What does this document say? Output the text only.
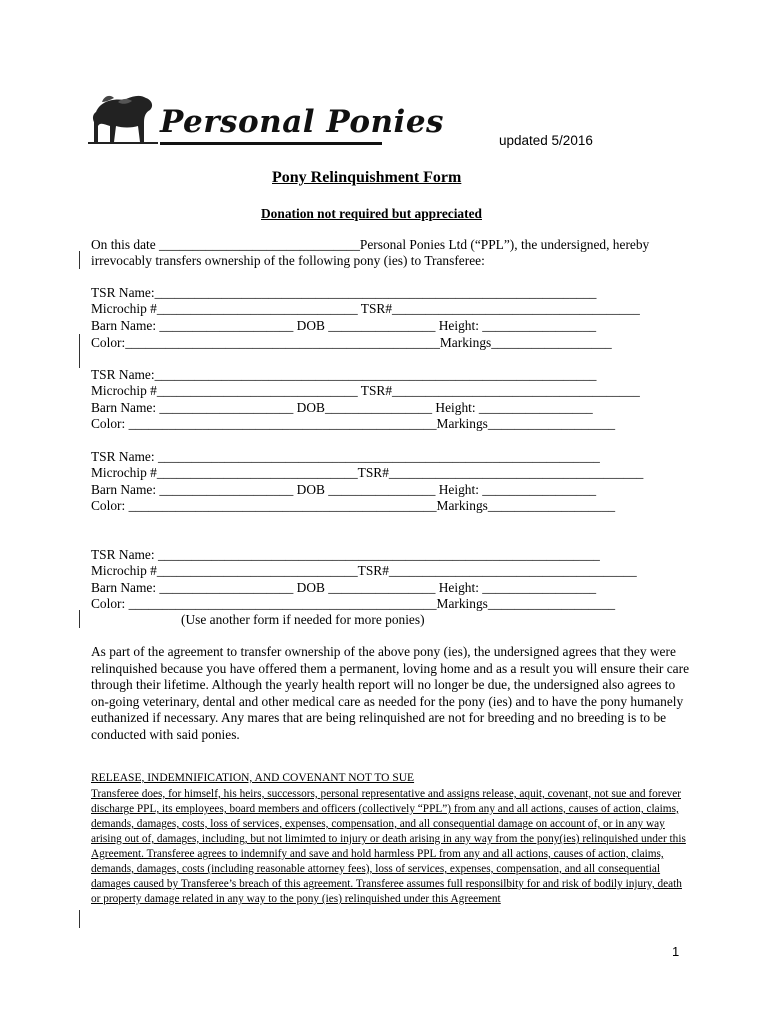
Personal Ponies
updated 5/2016
Pony Relinquishment Form
Donation not required but appreciated
On this date ______________________________Personal Ponies Ltd (“PPL”), the undersigned, hereby
irrevocably transfers ownership of the following pony (ies) to Transferee:
TSR Name:__________________________________________________________________
Microchip #______________________________ TSR#_____________________________________
Barn Name: ____________________ DOB ________________ Height: _________________
Color:_______________________________________________Markings__________________
TSR Name:__________________________________________________________________
Microchip #______________________________ TSR#_____________________________________
Barn Name: ____________________ DOB________________ Height: _________________
Color: ______________________________________________Markings___________________
TSR Name: __________________________________________________________________
Microchip #______________________________TSR#______________________________________
Barn Name: ____________________ DOB ________________ Height: _________________
Color: ______________________________________________Markings___________________
TSR Name: __________________________________________________________________
Microchip #______________________________TSR#_____________________________________
Barn Name: ____________________ DOB ________________ Height: _________________
Color: ______________________________________________Markings___________________
(Use another form if needed for more ponies)
As part of the agreement to transfer ownership of the above pony (ies), the undersigned agrees that they were relinquished because you have offered them a permanent, loving home and as a result you will ensure their care through their lifetime. Although the yearly health report will no longer be due, the undersigned also agrees to on-going veterinary, dental and other medical care as needed for the pony (ies) and to have the pony humanely euthanized if necessary. Any mares that are being relinquished are not for breeding and no breeding is to be conducted with said ponies.
RELEASE, INDEMNIFICATION, AND COVENANT NOT TO SUE
Transferee does, for himself, his heirs, successors, personal representative and assigns release, aquit, covenant, not sue and forever discharge PPL, its employees, board members and officers (collectively “PPL”) from any and all actions, causes of action, claims, demands, damages, costs, loss of services, expenses, compensation, and all consequential damage on account of, or in any way arising out of, damages, including, but not limimted to injury or death arising in any way from the pony(ies) relinquished under this Agreement. Transferee agrees to indemnify and save and hold harmless PPL from any and all actions, causes of action, claims, demands, damages, costs (including reasonable attorney fees), loss of services, expenses, compensation, and all consequential damages caused by Transferee’s breach of this agreement. Transferee assumes full responsilbity for and risk of bodily injury, death or property damage related in any way to the pony (ies) relinquished under this Agreement
1
